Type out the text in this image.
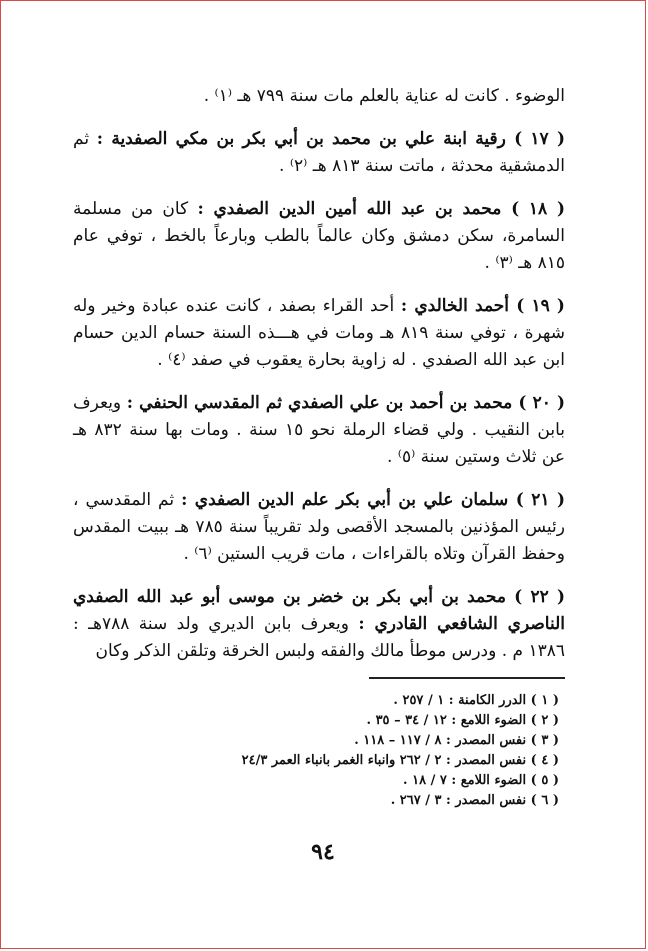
الوضوء . كانت له عناية بالعلم مات سنة ٧٩٩ هـ ⁽١⁾ .

( ١٧ ) رقية ابنة علي بن محمد بن أبي بكر بن مكي الصفدية : ثم الدمشقية محدثة ، ماتت سنة ٨١٣ هـ ⁽٢⁾ .

( ١٨ ) محمد بن عبد الله أمين الدين الصفدي : كان من مسلمة السامرة، سكن دمشق وكان عالماً بالطب وبارعاً بالخط ، توفي عام ٨١٥ هـ ⁽٣⁾ .

( ١٩ ) أحمد الخالدي : أحد القراء بصفد ، كانت عنده عبادة وخير وله شهرة ، توفي سنة ٨١٩ هـ ومات في هـــذه السنة حسام الدين حسام ابن عبد الله الصفدي . له زاوية بحارة يعقوب في صفد ⁽٤⁾ .

( ٢٠ ) محمد بن أحمد بن علي الصفدي ثم المقدسي الحنفي : ويعرف بابن النقيب . ولي قضاء الرملة نحو ١٥ سنة . ومات بها سنة ٨٣٢ هـ عن ثلاث وستين سنة ⁽٥⁾ .

( ٢١ ) سلمان علي بن أبي بكر علم الدين الصفدي : ثم المقدسي ، رئيس المؤذنين بالمسجد الأقصى ولد تقريباً سنة ٧٨٥ هـ ببيت المقدس وحفظ القرآن وتلاه بالقراءات ، مات قريب الستين ⁽٦⁾ .

( ٢٢ ) محمد بن أبي بكر بن خضر بن موسى أبو عبد الله الصفدي الناصري الشافعي القادري : ويعرف بابن الديري ولد سنة ٧٨٨هـ : ١٣٨٦ م . ودرس موطأ مالك والفقه ولبس الخرقة وتلقن الذكر وكان

( ١ ) الدرر الكامنة : ١ / ٢٥٧ .
( ٢ ) الضوء اللامع : ١٢ / ٣٤ – ٣٥ .
( ٣ ) نفس المصدر : ٨ / ١١٧ – ١١٨ .
( ٤ ) نفس المصدر : ٢ / ٢٦٢ وانباء الغمر بانباء العمر ٢٤/٣
( ٥ ) الضوء اللامع : ٧ / ١٨ .
( ٦ ) نفس المصدر : ٣ / ٢٦٧ .
٩٤
